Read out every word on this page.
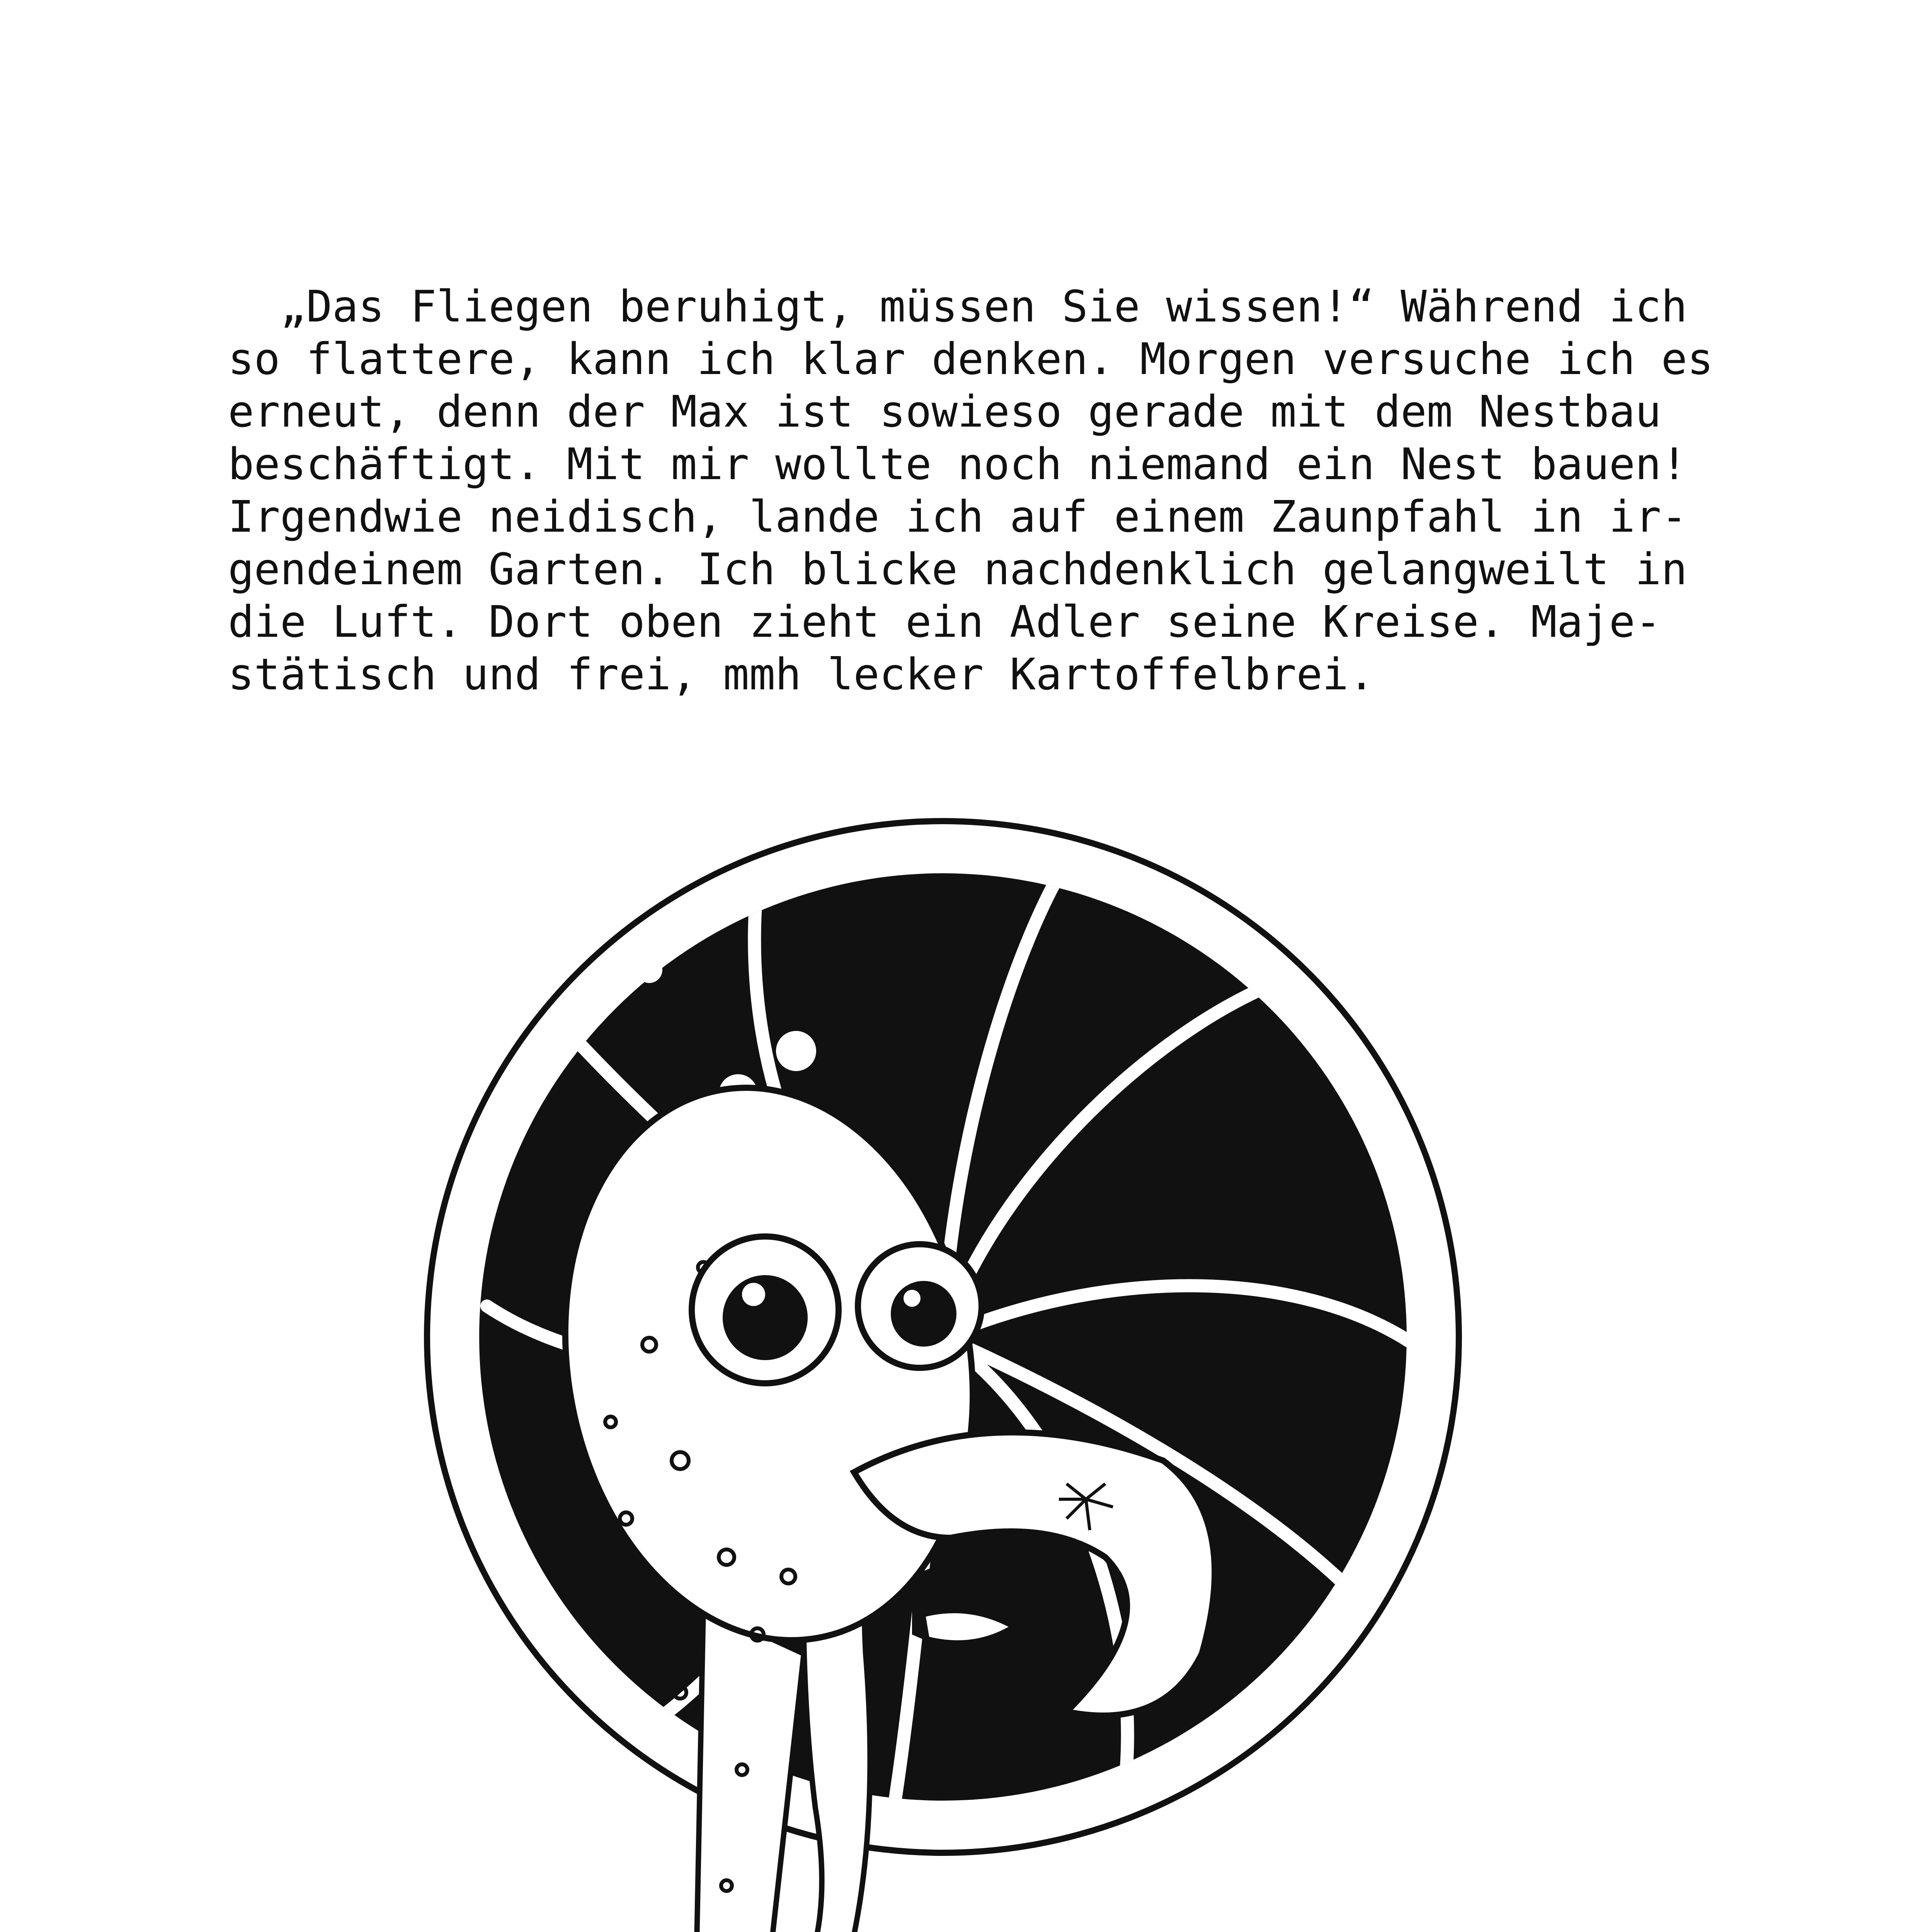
„Das Fliegen beruhigt, müssen Sie wissen!“ Während ich
so flattere, kann ich klar denken. Morgen versuche ich es
erneut, denn der Max ist sowieso gerade mit dem Nestbau
beschäftigt. Mit mir wollte noch niemand ein Nest bauen!
Irgendwie neidisch, lande ich auf einem Zaunpfahl in ir-
gendeinem Garten. Ich blicke nachdenklich gelangweilt in
die Luft. Dort oben zieht ein Adler seine Kreise. Maje-
stätisch und frei, mmh lecker Kartoffelbrei.
